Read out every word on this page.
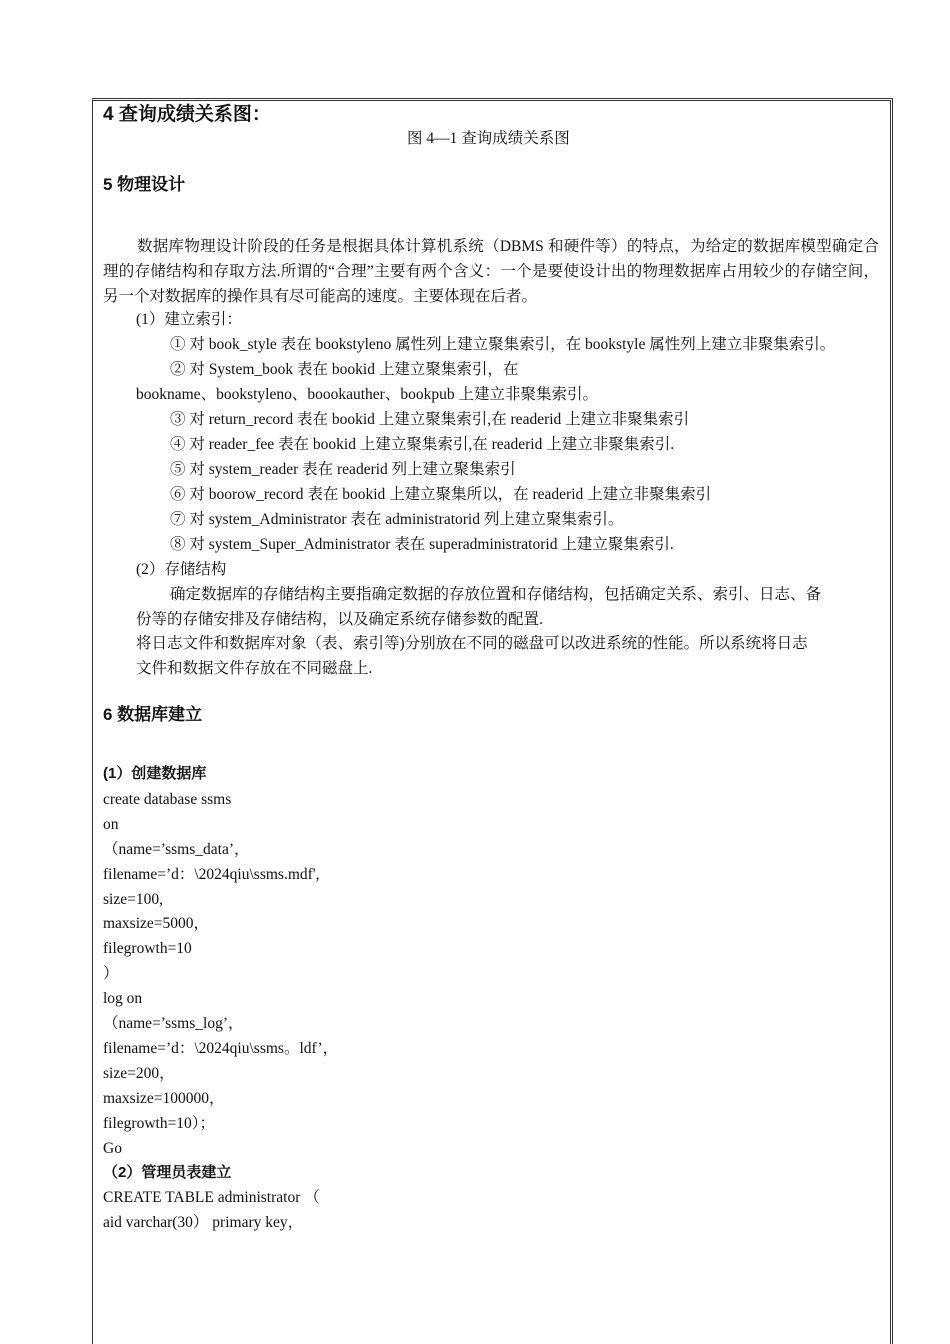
4 查询成绩关系图：
图 4—1 查询成绩关系图
5 物理设计
数据库物理设计阶段的任务是根据具体计算机系统（DBMS 和硬件等）的特点，为给定的数据库模型确定合理的存储结构和存取方法.所谓的“合理”主要有两个含义：一个是要使设计出的物理数据库占用较少的存储空间，另一个对数据库的操作具有尽可能高的速度。主要体现在后者。
(1）建立索引：
① 对 book_style 表在 bookstyleno 属性列上建立聚集索引，在 bookstyle 属性列上建立非聚集索引。
② 对 System_book 表在 bookid 上建立聚集索引，在
bookname、bookstyleno、boookauther、bookpub 上建立非聚集索引。
③ 对 return_record 表在 bookid 上建立聚集索引,在 readerid 上建立非聚集索引
④ 对 reader_fee 表在 bookid 上建立聚集索引,在 readerid 上建立非聚集索引.
⑤ 对 system_reader 表在 readerid 列上建立聚集索引
⑥ 对 boorow_record 表在 bookid 上建立聚集所以，在 readerid 上建立非聚集索引
⑦ 对 system_Administrator 表在 administratorid 列上建立聚集索引。
⑧ 对 system_Super_Administrator 表在 superadministratorid 上建立聚集索引.
(2）存储结构
确定数据库的存储结构主要指确定数据的存放位置和存储结构，包括确定关系、索引、日志、备
份等的存储安排及存储结构，以及确定系统存储参数的配置.
将日志文件和数据库对象（表、索引等)分别放在不同的磁盘可以改进系统的性能。所以系统将日志
文件和数据文件存放在不同磁盘上.
6 数据库建立
(1）创建数据库
create database ssms
on
（name=’ssms_data’，
filename=’d：\2024qiu\ssms.mdf',
size=100,
maxsize=5000，
filegrowth=10
）
log on
（name=’ssms_log’，
filename=’d：\2024qiu\ssms。ldf’，
size=200，
maxsize=100000，
filegrowth=10）；
Go
（2）管理员表建立
CREATE TABLE administrator （
aid varchar(30） primary key，
